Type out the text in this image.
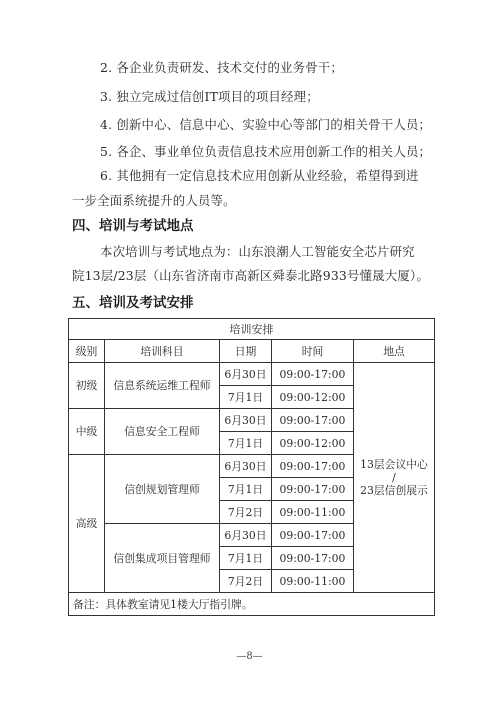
2. 各企业负责研发、技术交付的业务骨干；
3. 独立完成过信创IT项目的项目经理；
4. 创新中心、信息中心、实验中心等部门的相关骨干人员；
5. 各企、事业单位负责信息技术应用创新工作的相关人员；
6. 其他拥有一定信息技术应用创新从业经验，希望得到进
一步全面系统提升的人员等。
四、培训与考试地点
本次培训与考试地点为：山东浪潮人工智能安全芯片研究
院13层/23层（山东省济南市高新区舜泰北路933号懂晟大厦）。
五、培训及考试安排
培训安排				
级别	培训科目	日期	时间	地点
初级	信息系统运维工程师	6月30日	09:00-17:00	13层会议中心
/
23层信创展示

		7月1日	09:00-12:00	
中级	信息安全工程师	6月30日	09:00-17:00	
		7月1日	09:00-12:00	
高级	信创规划管理师	6月30日	09:00-17:00	
		7月1日	09:00-17:00	
		7月2日	09:00-11:00	
	信创集成项目管理师	6月30日	09:00-17:00	
		7月1日	09:00-17:00	
		7月2日	09:00-11:00	
备注：具体教室请见1楼大厅指引牌。				
—8—
